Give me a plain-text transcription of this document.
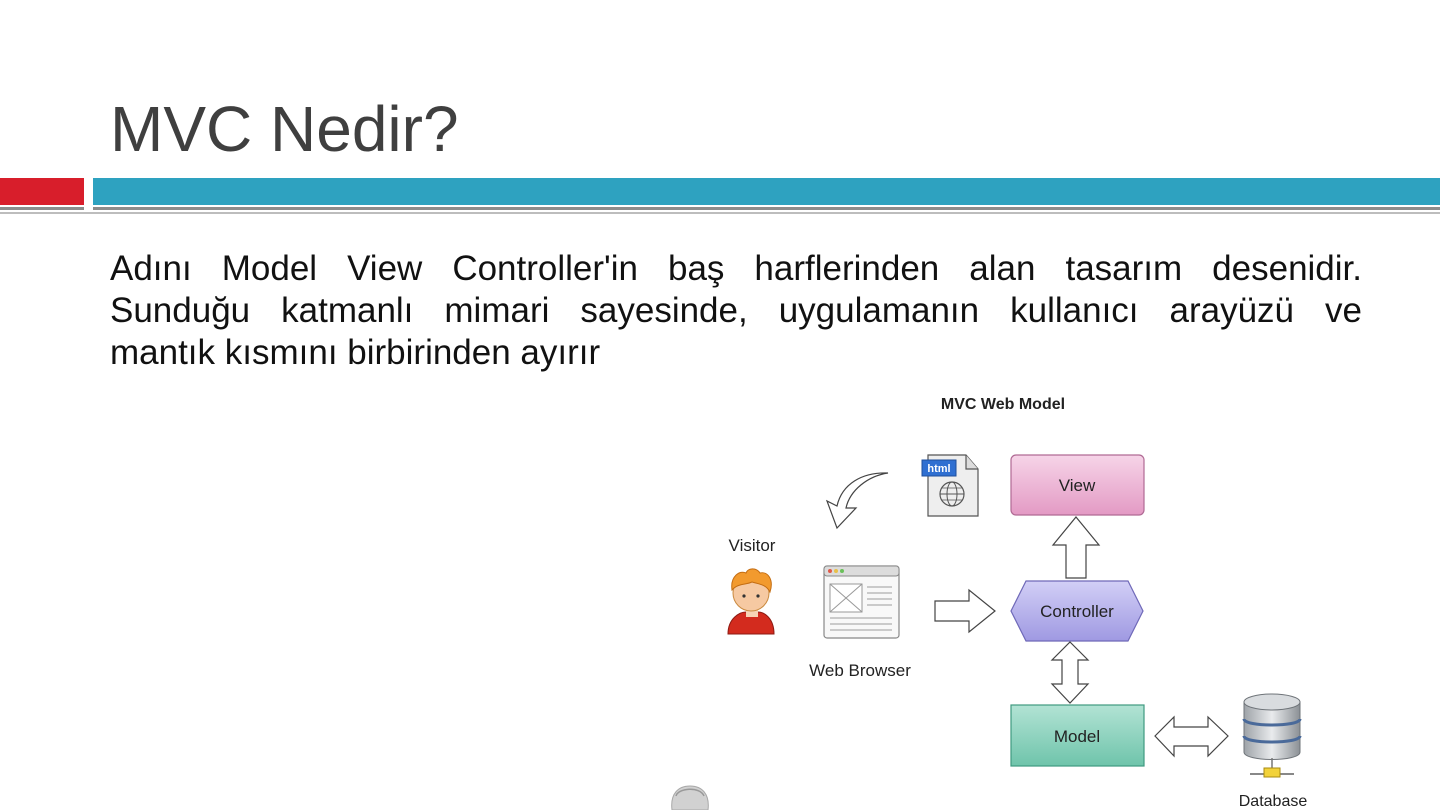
MVC Nedir?
Adını Model View Controller'in baş harflerinden alan tasarım desenidir.
Sunduğu katmanlı mimari sayesinde, uygulamanın kullanıcı arayüzü ve
mantık kısmını birbirinden ayırır
MVC Web Model
html
View
Visitor
Web Browser
Controller
Model
Database
